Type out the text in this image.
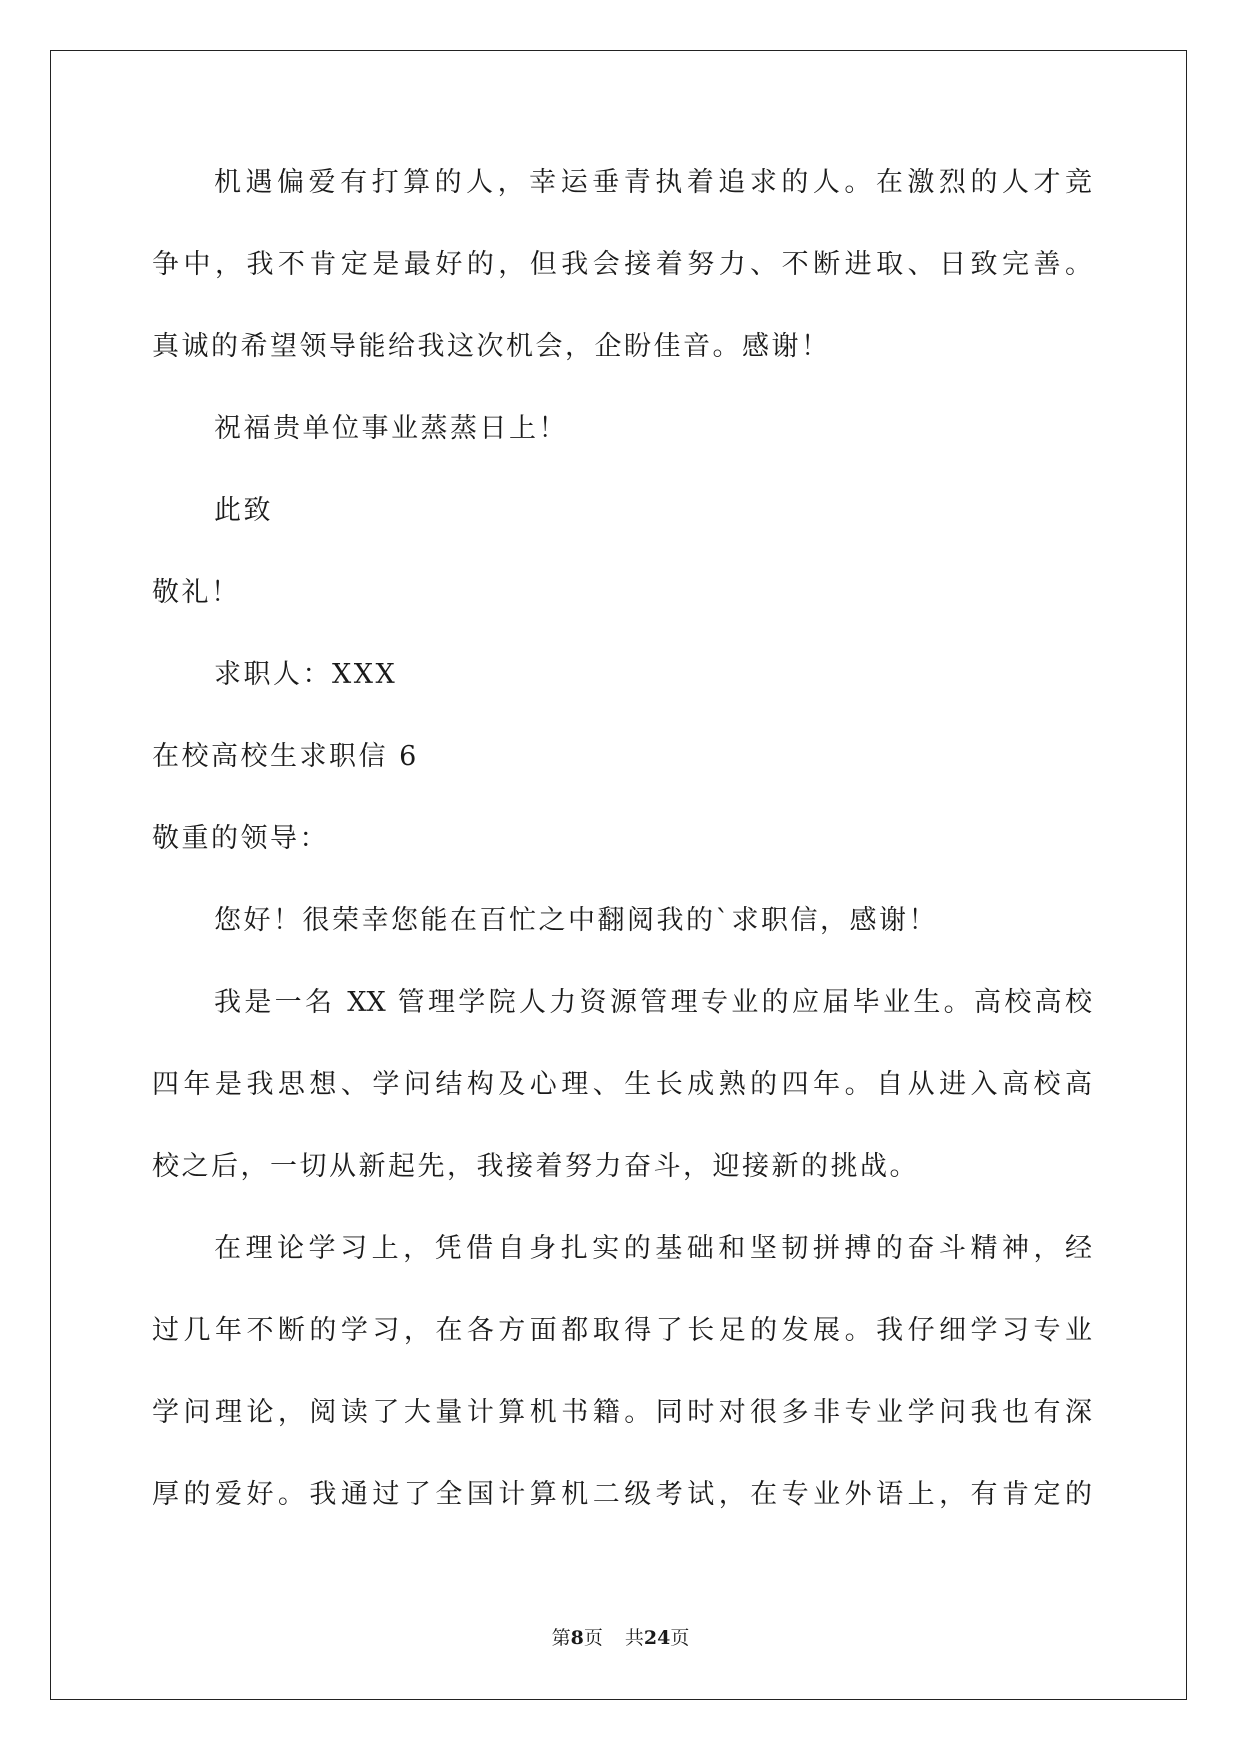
机遇偏爱有打算的人，幸运垂青执着追求的人。在激烈的人才竞
争中，我不肯定是最好的，但我会接着努力、不断进取、日致完善。
真诚的希望领导能给我这次机会，企盼佳音。感谢！
祝福贵单位事业蒸蒸日上！
此致
敬礼！
求职人：XXX
在校高校生求职信 6
敬重的领导：
您好！很荣幸您能在百忙之中翻阅我的`求职信，感谢！
我是一名 XX 管理学院人力资源管理专业的应届毕业生。高校高校
四年是我思想、学问结构及心理、生长成熟的四年。自从进入高校高
校之后，一切从新起先，我接着努力奋斗，迎接新的挑战。
在理论学习上，凭借自身扎实的基础和坚韧拼搏的奋斗精神，经
过几年不断的学习，在各方面都取得了长足的发展。我仔细学习专业
学问理论，阅读了大量计算机书籍。同时对很多非专业学问我也有深
厚的爱好。我通过了全国计算机二级考试，在专业外语上，有肯定的
第8页 共24页
